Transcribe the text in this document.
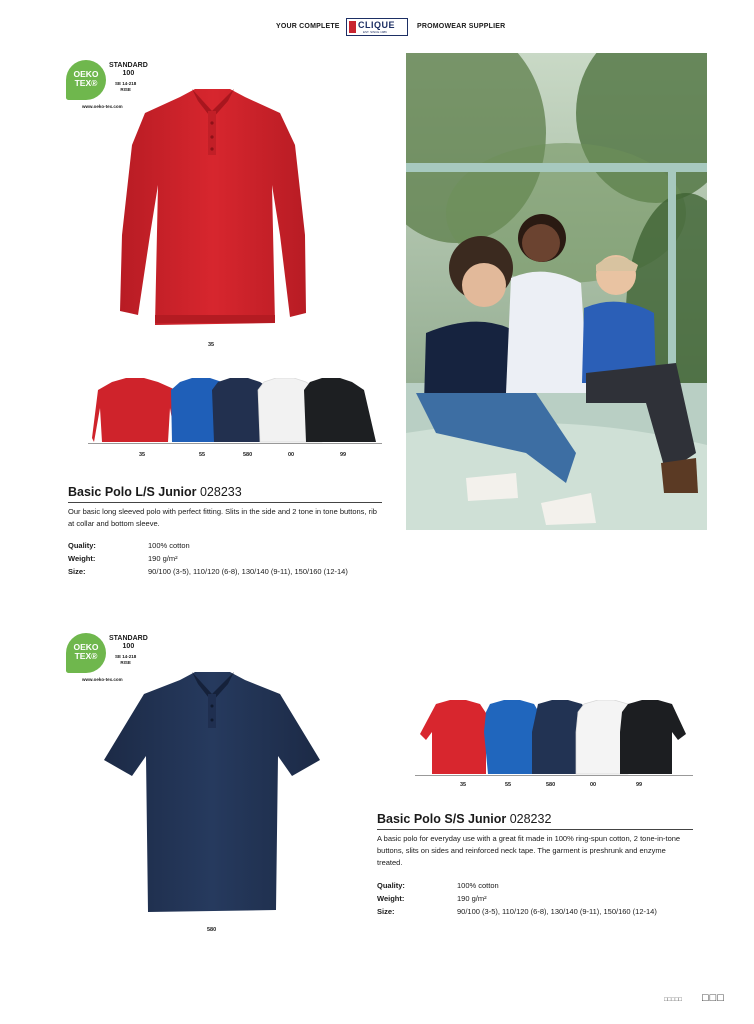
YOUR COMPLETE CLIQUE
EST. SINCE 1986
PROMOWEAR SUPPLIER
OEKO TEX®
STANDARD
100
SE 14-218
RISE
www.oeko-tex.com
35
35	55	580	00	99
Basic Polo L/S Junior 028233
Our basic long sleeved polo with perfect fitting. Slits in the side and 2 tone in tone buttons, rib at collar and bottom sleeve.
Quality:	100% cotton
Weight:	190 g/m²
Size:	90/100 (3-5), 110/120 (6-8), 130/140 (9-11), 150/160 (12-14)
OEKO TEX®
STANDARD
100
SE 14-218
RISE
www.oeko-tex.com
580
35	55	580	00	99
Basic Polo S/S Junior 028232
A basic polo for everyday use with a great fit made in 100% ring-spun cotton, 2 tone-in-tone buttons, slits on sides and reinforced neck tape. The garment is preshrunk and enzyme treated.
Quality:	100% cotton
Weight:	190 g/m²
Size:	90/100 (3-5), 110/120 (6-8), 130/140 (9-11), 150/160 (12-14)
□□□□□ □□□
